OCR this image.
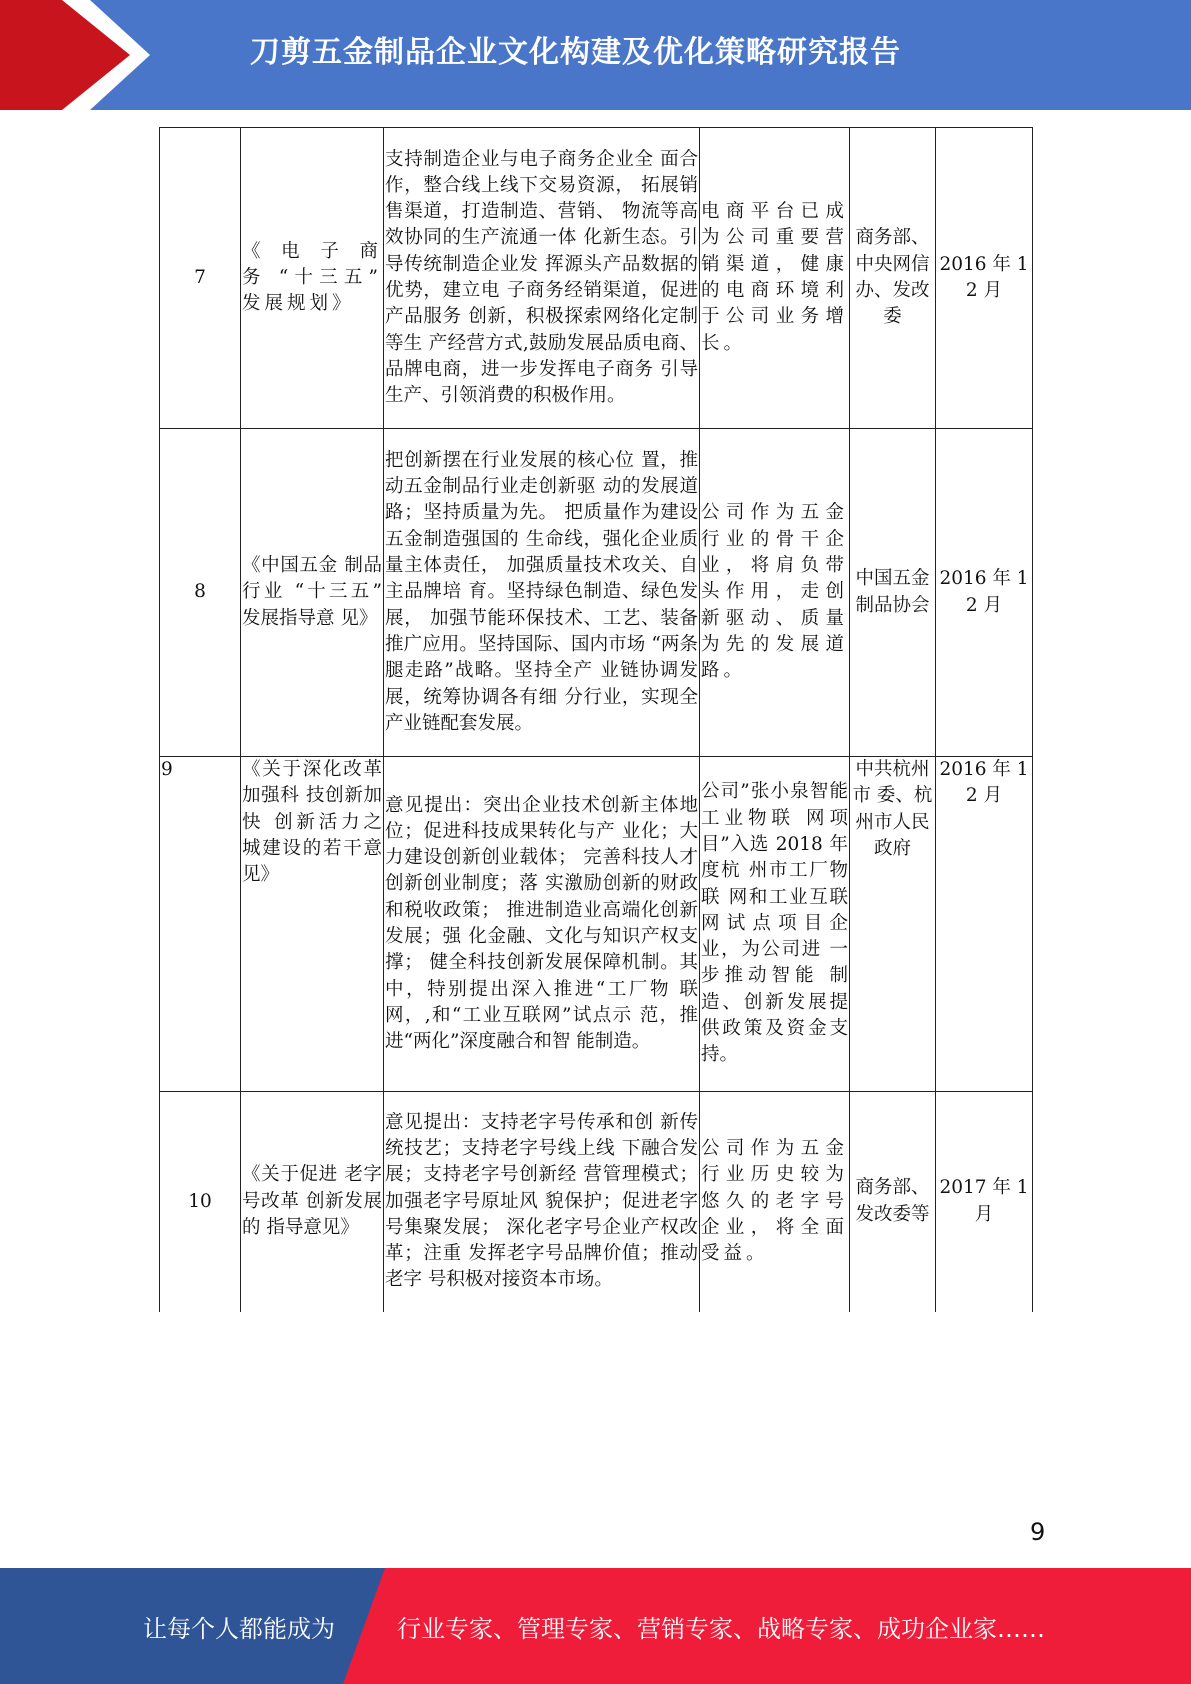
刀剪五金制品企业文化构建及优化策略研究报告
7	《 电 子 商 务 “十三五” 发展规划》	支持制造企业与电子商务企业全 面合作，整合线上线下交易资源， 拓展销售渠道，打造制造、营销、 物流等高效协同的生产流通一体 化新生态。引导传统制造企业发 挥源头产品数据的优势，建立电 子商务经销渠道，促进产品服务 创新，积极探索网络化定制等生 产经营方式,鼓励发展品质电商、 品牌电商，进一步发挥电子商务 引导生产、引领消费的积极作用。	电商平台已成为公司重要营销渠道，健康的电商环境利于公司业务增长。	商务部、中央网信办、发改委	2016 年 12 月
8	《中国五金 制品行业 “十三五” 发展指导意 见》	把创新摆在行业发展的核心位 置，推动五金制品行业走创新驱 动的发展道路；坚持质量为先。 把质量作为建设五金制造强国的 生命线，强化企业质量主体责任， 加强质量技术攻关、自主品牌培 育。坚持绿色制造、绿色发展， 加强节能环保技术、工艺、装备 推广应用。坚持国际、国内市场 “两条腿走路”战略。坚持全产 业链协调发展，统筹协调各有细 分行业，实现全产业链配套发展。	公司作为五金行业的骨干企业，将肩负带头作用，走创新驱动、质量为先的发展道路。	中国五金制品协会	2016 年 12 月
9	《关于深化改革加强科 技创新加快 创新活力之 城建设的若干意见》	意见提出：突出企业技术创新主体地位；促进科技成果转化与产 业化；大力建设创新创业载体； 完善科技人才创新创业制度；落 实激励创新的财政和税收政策； 推进制造业高端化创新发展；强 化金融、文化与知识产权支撑； 健全科技创新发展保障机制。其 中，特别提出深入推进“工厂物 联网，,和“工业互联网”试点示 范，推进“两化”深度融合和智 能制造。	公司”张小泉智能工业物联 网项目”入选 2018 年度杭 州市工厂物联 网和工业互联 网试点项目企 业，为公司进 一步推动智能 制造、创新发展提供政策及资金支持。	中共杭州市 委、杭州市人民政府	2016 年 12 月
10	《关于促进 老字号改革 创新发展的 指导意见》	意见提出：支持老字号传承和创 新传统技艺；支持老字号线上线 下融合发展；支持老字号创新经 营管理模式；加强老字号原址风 貌保护；促进老字号集聚发展； 深化老字号企业产权改革；注重 发挥老字号品牌价值；推动老字 号积极对接资本市场。	公司作为五金行业历史较为悠久的老字号企业，将全面受益。	商务部、发改委等	2017 年 1 月
9
让每个人都能成为	行业专家、管理专家、营销专家、战略专家、成功企业家……
